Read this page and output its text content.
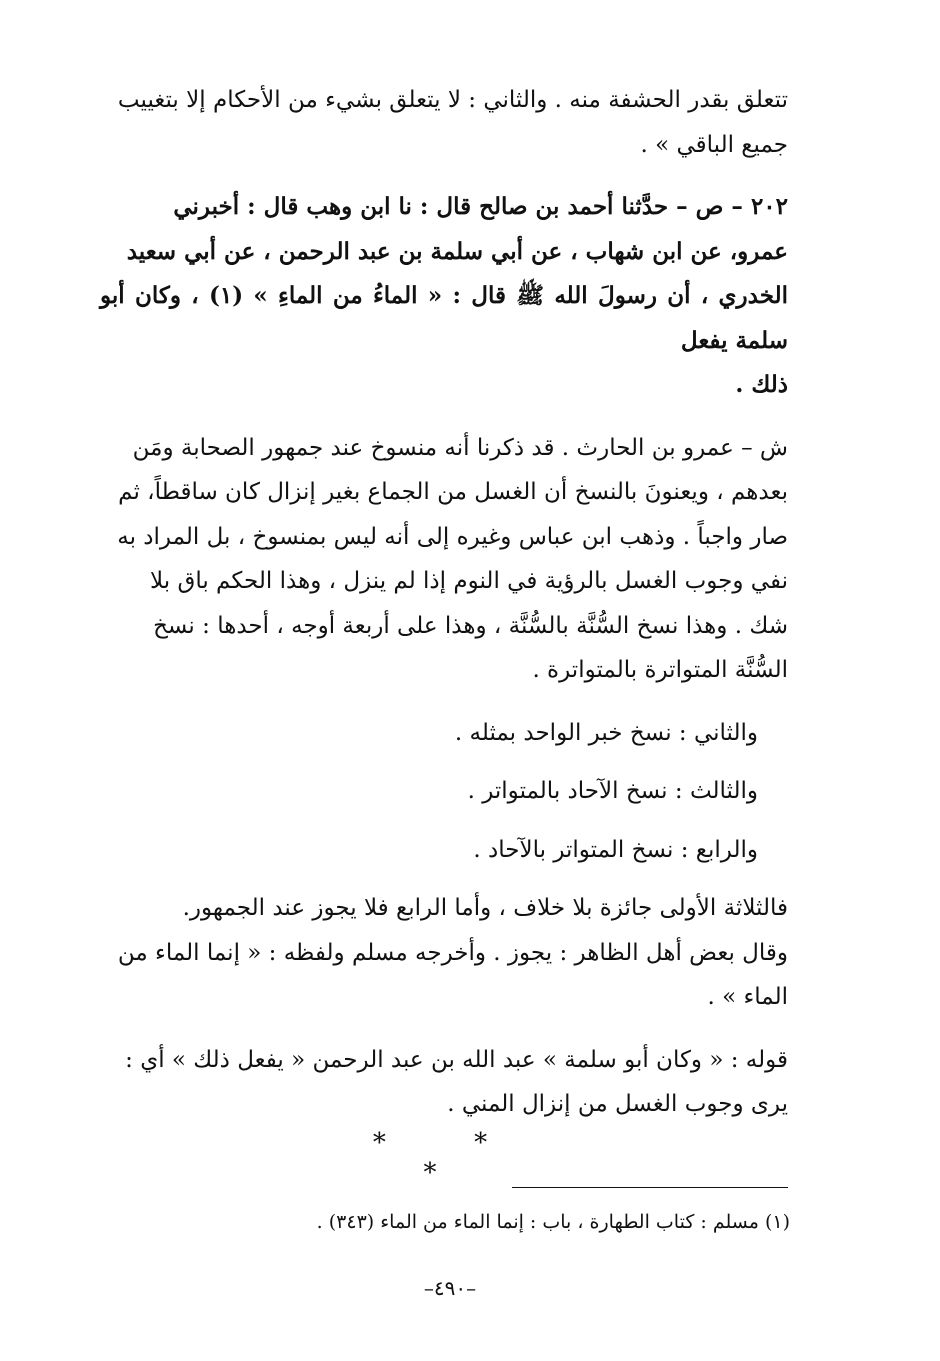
تتعلق بقدر الحشفة منه . والثاني : لا يتعلق بشيء من الأحكام إلا بتغييب

جميع الباقي » .

٢٠٢ – ص – حدَّثنا أحمد بن صالح قال : نا ابن وهب قال : أخبرني

عمرو، عن ابن شهاب ، عن أبي سلمة بن عبد الرحمن ، عن أبي سعيد

الخدري ، أن رسولَ الله ﷺ قال : « الماءُ من الماءِ » (١) ، وكان أبو سلمة يفعل

ذلك .

ش – عمرو بن الحارث . قد ذكرنا أنه منسوخ عند جمهور الصحابة ومَن

بعدهم ، ويعنونَ بالنسخ أن الغسل من الجماع بغير إنزال كان ساقطاً، ثم

صار واجباً . وذهب ابن عباس وغيره إلى أنه ليس بمنسوخ ، بل المراد به

نفي وجوب الغسل بالرؤية في النوم إذا لم ينزل ، وهذا الحكم باق بلا

شك . وهذا نسخ السُّنَّة بالسُّنَّة ، وهذا على أربعة أوجه ، أحدها : نسخ

السُّنَّة المتواترة بالمتواترة .

والثاني : نسخ خبر الواحد بمثله .
والثالث : نسخ الآحاد بالمتواتر .
والرابع : نسخ المتواتر بالآحاد .

فالثلاثة الأولى جائزة بلا خلاف ، وأما الرابع فلا يجوز عند الجمهور.

وقال بعض أهل الظاهر : يجوز . وأخرجه مسلم ولفظه : « إنما الماء من

الماء » .

قوله : « وكان أبو سلمة » عبد الله بن عبد الرحمن « يفعل ذلك » أي :

يرى وجوب الغسل من إنزال المني .

* * *
(١) مسلم : كتاب الطهارة ، باب : إنما الماء من الماء (٣٤٣) .
–٤٩٠–
